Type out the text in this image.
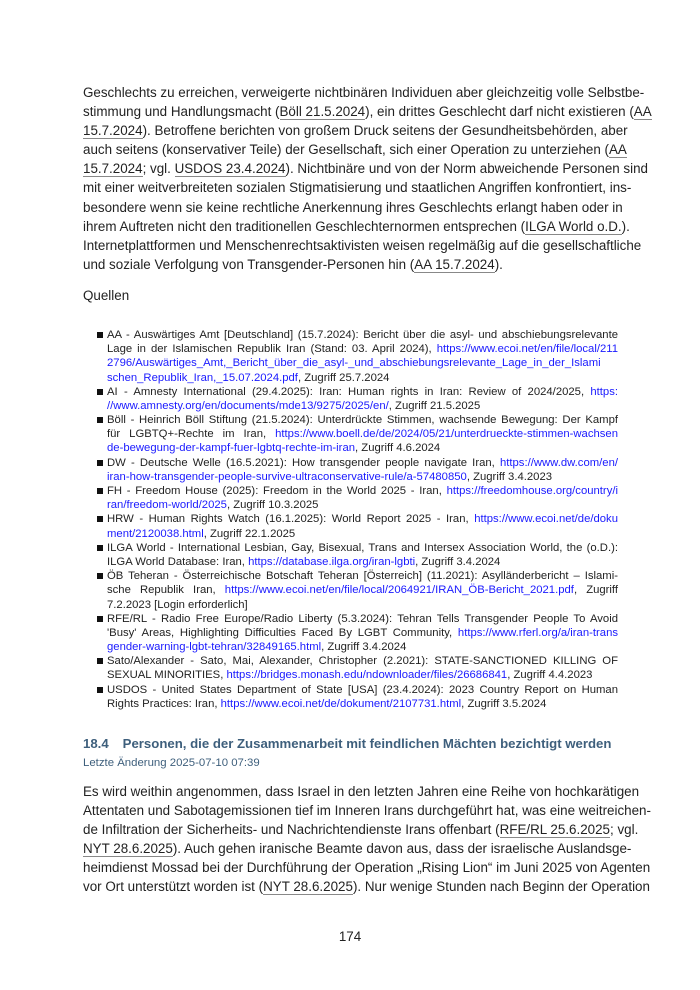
Geschlechts zu erreichen, verweigerte nichtbinären Individuen aber gleichzeitig volle Selbstbe-
stimmung und Handlungsmacht (Böll 21.5.2024), ein drittes Geschlecht darf nicht existieren (AA
15.7.2024). Betroffene berichten von großem Druck seitens der Gesundheitsbehörden, aber
auch seitens (konservativer Teile) der Gesellschaft, sich einer Operation zu unterziehen (AA
15.7.2024; vgl. USDOS 23.4.2024). Nichtbinäre und von der Norm abweichende Personen sind
mit einer weitverbreiteten sozialen Stigmatisierung und staatlichen Angriffen konfrontiert, ins-
besondere wenn sie keine rechtliche Anerkennung ihres Geschlechts erlangt haben oder in
ihrem Auftreten nicht den traditionellen Geschlechternormen entsprechen (ILGA World o.D.).
Internetplattformen und Menschenrechtsaktivisten weisen regelmäßig auf die gesellschaftliche
und soziale Verfolgung von Transgender-Personen hin (AA 15.7.2024).
Quellen
AA - Auswärtiges Amt [Deutschland] (15.7.2024): Bericht über die asyl- und abschiebungsrelevante
Lage in der Islamischen Republik Iran (Stand: 03. April 2024), https://www.ecoi.net/en/file/local/211
2796/Auswärtiges_Amt,_Bericht_über_die_asyl-_und_abschiebungsrelevante_Lage_in_der_Islami
schen_Republik_Iran,_15.07.2024.pdf, Zugriff 25.7.2024
AI - Amnesty International (29.4.2025): Iran: Human rights in Iran: Review of 2024/2025, https:
//www.amnesty.org/en/documents/mde13/9275/2025/en/, Zugriff 21.5.2025
Böll - Heinrich Böll Stiftung (21.5.2024): Unterdrückte Stimmen, wachsende Bewegung: Der Kampf
für LGBTQ+-Rechte im Iran, https://www.boell.de/de/2024/05/21/unterdrueckte-stimmen-wachsen
de-bewegung-der-kampf-fuer-lgbtq-rechte-im-iran, Zugriff 4.6.2024
DW - Deutsche Welle (16.5.2021): How transgender people navigate Iran, https://www.dw.com/en/
iran-how-transgender-people-survive-ultraconservative-rule/a-57480850, Zugriff 3.4.2023
FH - Freedom House (2025): Freedom in the World 2025 - Iran, https://freedomhouse.org/country/i
ran/freedom-world/2025, Zugriff 10.3.2025
HRW - Human Rights Watch (16.1.2025): World Report 2025 - Iran, https://www.ecoi.net/de/doku
ment/2120038.html, Zugriff 22.1.2025
ILGA World - International Lesbian, Gay, Bisexual, Trans and Intersex Association World, the (o.D.):
ILGA World Database: Iran, https://database.ilga.org/iran-lgbti, Zugriff 3.4.2024
ÖB Teheran - Österreichische Botschaft Teheran [Österreich] (11.2021): Asylländerbericht – Islami-
sche Republik Iran, https://www.ecoi.net/en/file/local/2064921/IRAN_ÖB-Bericht_2021.pdf, Zugriff
7.2.2023 [Login erforderlich]
RFE/RL - Radio Free Europe/Radio Liberty (5.3.2024): Tehran Tells Transgender People To Avoid
'Busy' Areas, Highlighting Difficulties Faced By LGBT Community, https://www.rferl.org/a/iran-trans
gender-warning-lgbt-tehran/32849165.html, Zugriff 3.4.2024
Sato/Alexander - Sato, Mai, Alexander, Christopher (2.2021): STATE-SANCTIONED KILLING OF
SEXUAL MINORITIES, https://bridges.monash.edu/ndownloader/files/26686841, Zugriff 4.4.2023
USDOS - United States Department of State [USA] (23.4.2024): 2023 Country Report on Human
Rights Practices: Iran, https://www.ecoi.net/de/dokument/2107731.html, Zugriff 3.5.2024
18.4 Personen, die der Zusammenarbeit mit feindlichen Mächten bezichtigt werden
Letzte Änderung 2025-07-10 07:39
Es wird weithin angenommen, dass Israel in den letzten Jahren eine Reihe von hochkarätigen
Attentaten und Sabotagemissionen tief im Inneren Irans durchgeführt hat, was eine weitreichen-
de Infiltration der Sicherheits- und Nachrichtendienste Irans offenbart (RFE/RL 25.6.2025; vgl.
NYT 28.6.2025). Auch gehen iranische Beamte davon aus, dass der israelische Auslandsge-
heimdienst Mossad bei der Durchführung der Operation „Rising Lion“ im Juni 2025 von Agenten
vor Ort unterstützt worden ist (NYT 28.6.2025). Nur wenige Stunden nach Beginn der Operation
174
